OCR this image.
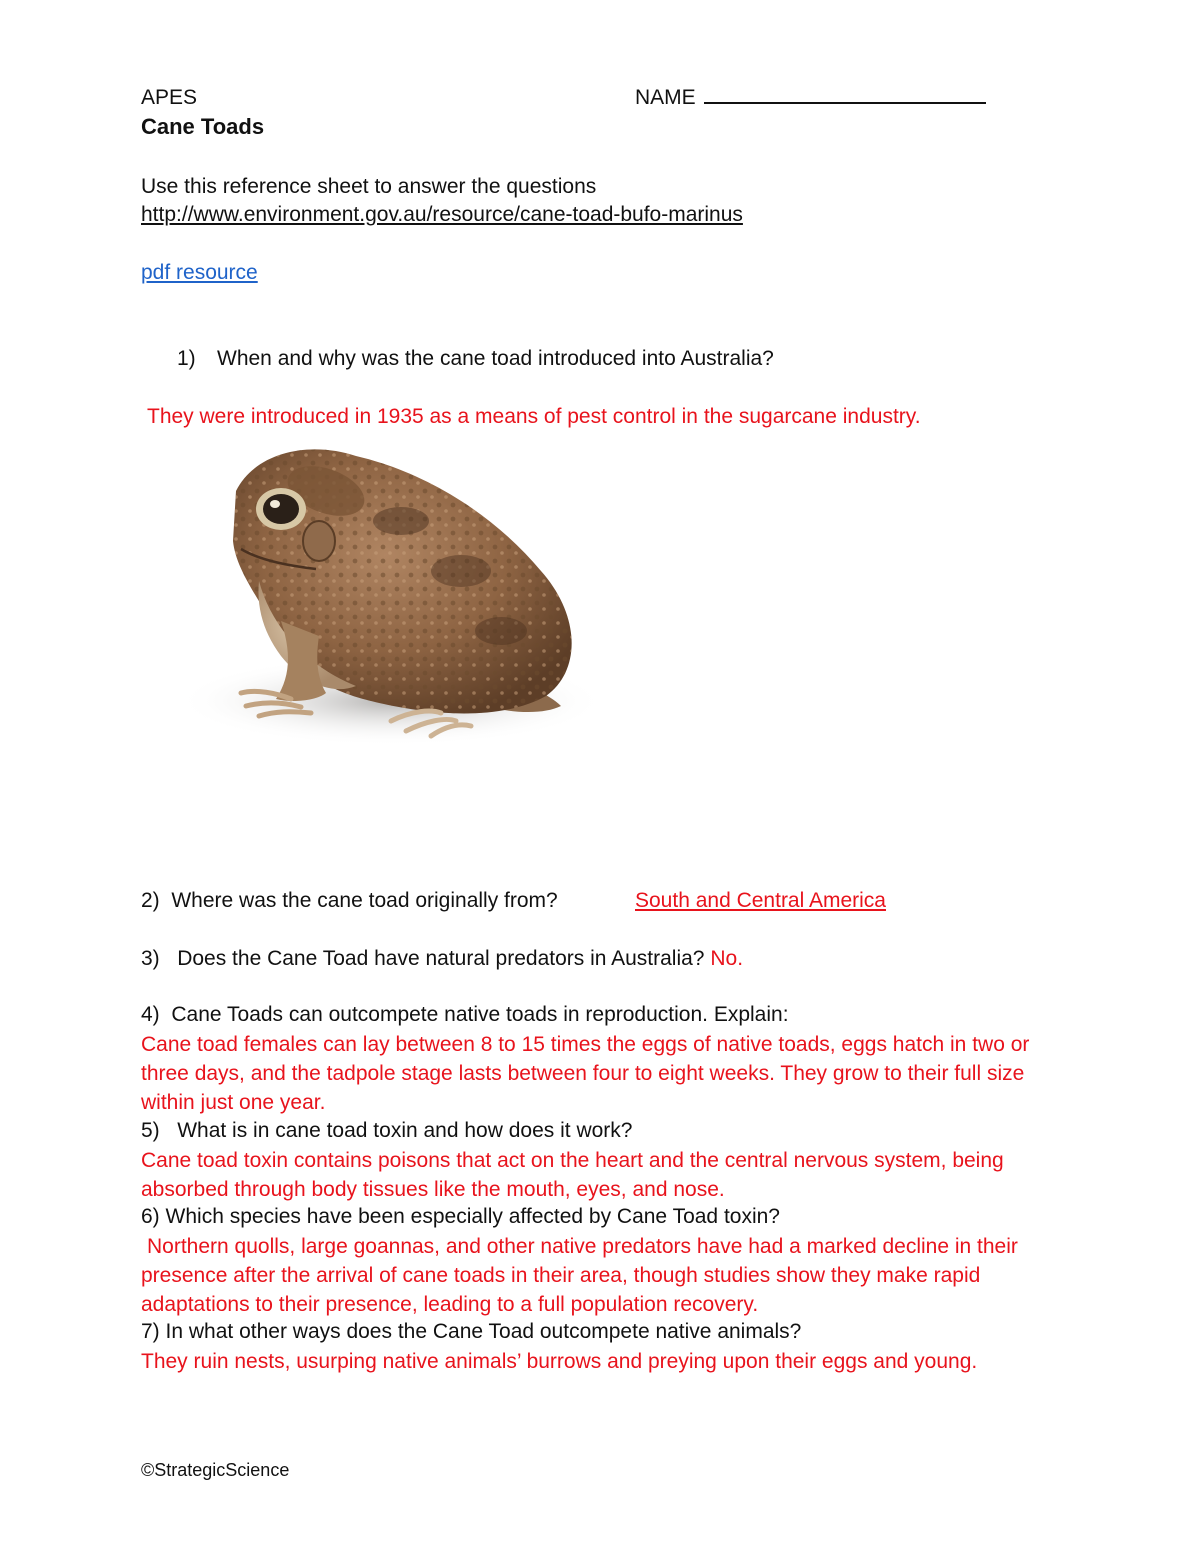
APES	NAME
Cane Toads
Use this reference sheet to answer the questions
http://www.environment.gov.au/resource/cane-toad-bufo-marinus
pdf resource
1) When and why was the cane toad introduced into Australia?
They were introduced in 1935 as a means of pest control in the sugarcane industry.
2) Where was the cane toad originally from?	South and Central America
3) Does the Cane Toad have natural predators in Australia? No.
4) Cane Toads can outcompete native toads in reproduction. Explain:
Cane toad females can lay between 8 to 15 times the eggs of native toads, eggs hatch in two or three days, and the tadpole stage lasts between four to eight weeks. They grow to their full size within just one year.
5) What is in cane toad toxin and how does it work?
Cane toad toxin contains poisons that act on the heart and the central nervous system, being absorbed through body tissues like the mouth, eyes, and nose.
6) Which species have been especially affected by Cane Toad toxin?
Northern quolls, large goannas, and other native predators have had a marked decline in their presence after the arrival of cane toads in their area, though studies show they make rapid adaptations to their presence, leading to a full population recovery.
7) In what other ways does the Cane Toad outcompete native animals?
They ruin nests, usurping native animals’ burrows and preying upon their eggs and young.
©StrategicScience
